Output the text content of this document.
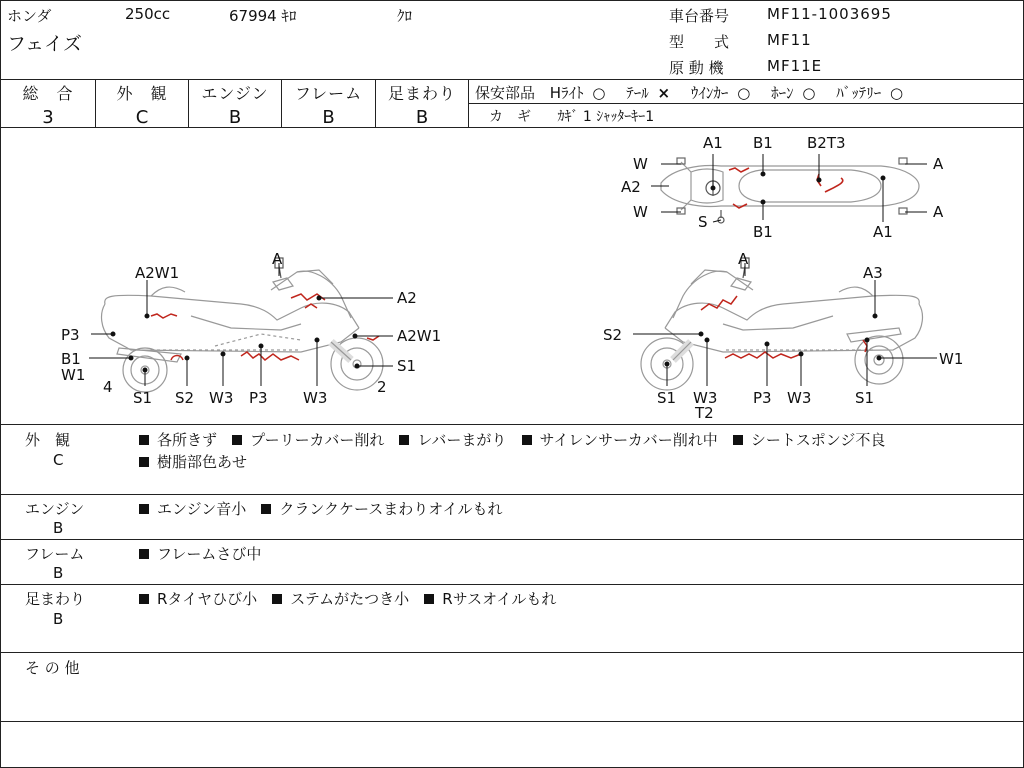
ホンダ	250cc	67994 ｷﾛ	ｸﾛ
フェイズ
車台番号	MF11-1003695
型　　式	MF11
原 動 機	MF11E
総　合
3
外　観
C
エンジン
B
フレーム
B
足まわり
B
保安部品 Hﾗｲﾄ ○ ﾃｰﾙ × ｳｲﾝｶｰ ○ ﾎｰﾝ ○ ﾊﾞｯﾃﾘｰ ○
カ　ギ ｶｷﾞ 1 ｼｬｯﾀｰｷｰ1
W
A1 B1 B2T3
A
A2
W
S
B1	A1
A
A
A2W1
A2
P3	A2W1
B1
W1	S1
4
S1 S2 W3 P3 W3
2
A
A3
S2
W1
S1 W3
T2
P3 W3	S1
外　観
C
各所きず プーリーカバー削れ レバーまがり サイレンサーカバー削れ中 シートスポンジ不良
樹脂部色あせ
エンジン
B
エンジン音小 クランクケースまわりオイルもれ
フレーム
B
フレームさび中
足まわり
B
Rタイヤひび小 ステムがたつき小 Rサスオイルもれ
そ の 他
